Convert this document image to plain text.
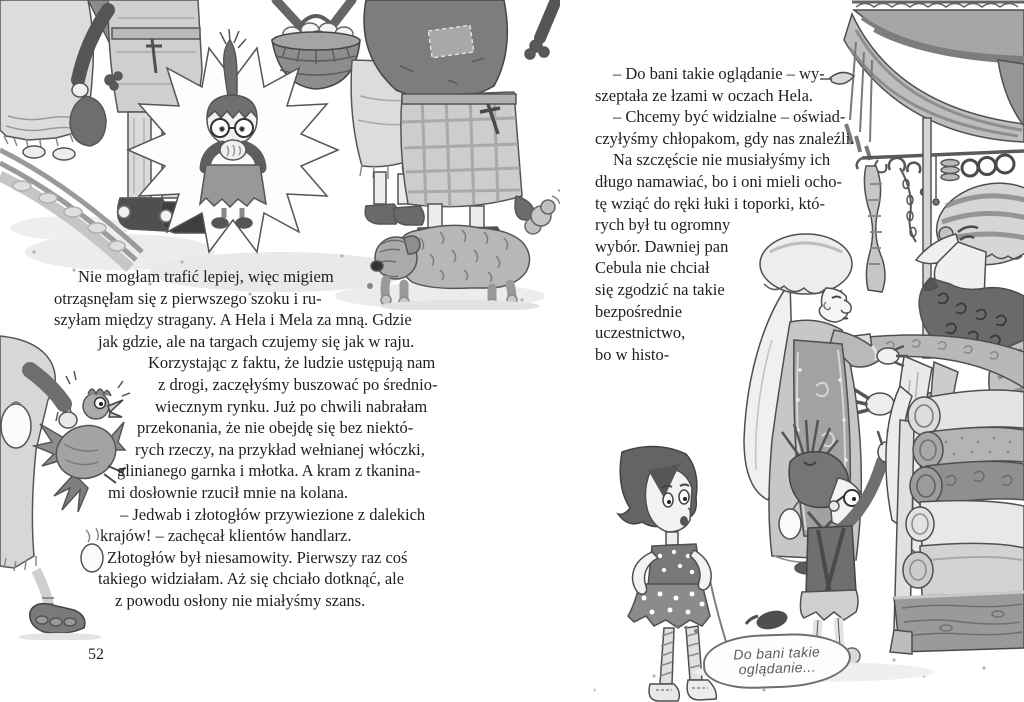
Nie mogłam trafić lepiej, więc migiem
otrząsnęłam się z pierwszego szoku i ru-
szyłam między stragany. A Hela i Mela za mną. Gdzie
jak gdzie, ale na targach czujemy się jak w raju.
Korzystając z faktu, że ludzie ustępują nam
z drogi, zaczęłyśmy buszować po średnio-
wiecznym rynku. Już po chwili nabrałam
przekonania, że nie obejdę się bez niektó-
rych rzeczy, na przykład wełnianej włóczki,
glinianego garnka i młotka. A kram z tkanina-
mi dosłownie rzucił mnie na kolana.
– Jedwab i złotogłów przywiezione z dalekich
krajów! – zachęcał klientów handlarz.
Złotogłów był niesamowity. Pierwszy raz coś
takiego widziałam. Aż się chciało dotknąć, ale
z powodu osłony nie miałyśmy szans.
52
– Do bani takie oglądanie – wy-
szeptała ze łzami w oczach Hela.
– Chcemy być widzialne – oświad-
czyłyśmy chłopakom, gdy nas znaleźli.
Na szczęście nie musiałyśmy ich
długo namawiać, bo i oni mieli ocho-
tę wziąć do ręki łuki i toporki, któ-
rych był tu ogromny
wybór. Dawniej pan
Cebula nie chciał
się zgodzić na takie
bezpośrednie
uczestnictwo,
bo w histo-
Do bani takie
oglądanie...
